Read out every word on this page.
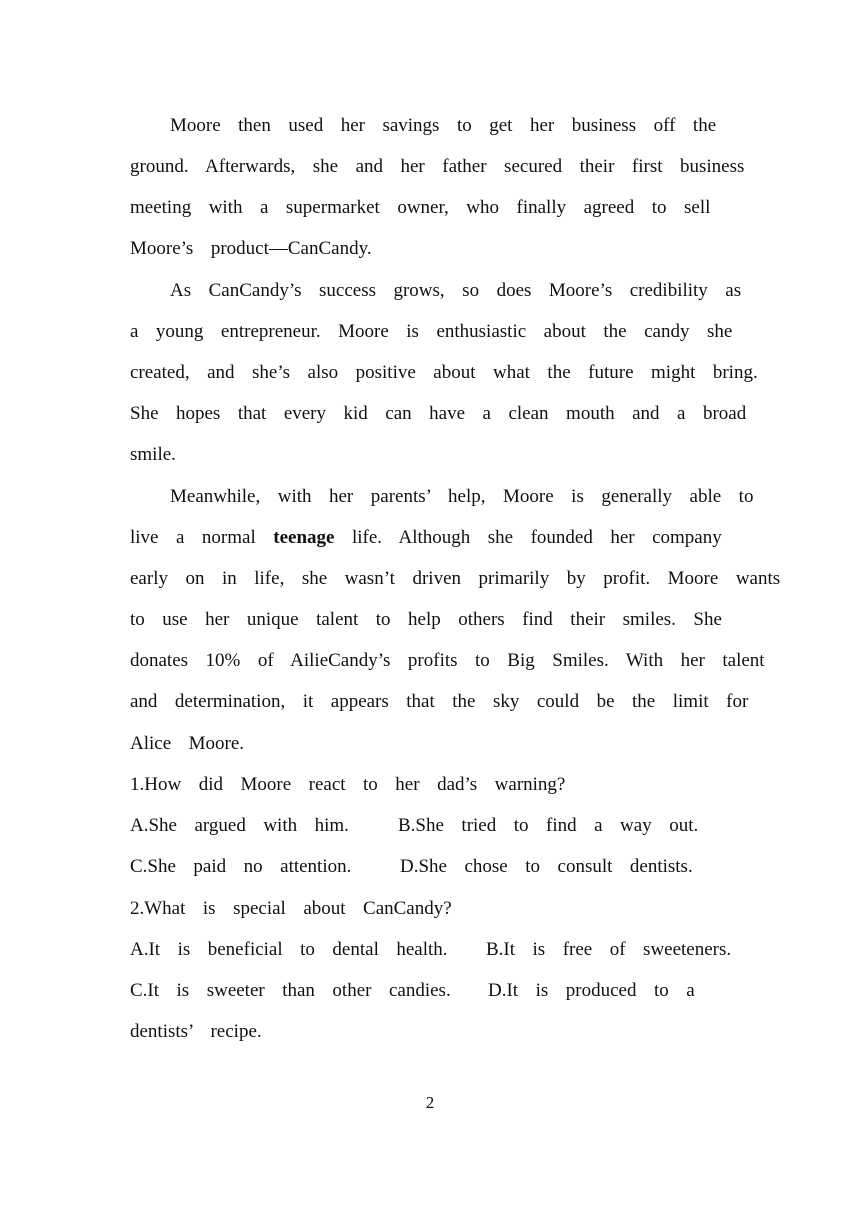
Moore  then  used  her  savings  to  get  her  business  off  the
ground.  Afterwards,  she  and  her  father  secured  their  first  business
meeting  with  a  supermarket  owner,  who  finally  agreed  to  sell
Moore’s  product—CanCandy.
As  CanCandy’s  success  grows,  so  does  Moore’s  credibility  as
a  young  entrepreneur.  Moore  is  enthusiastic  about  the  candy  she
created,  and  she’s  also  positive  about  what  the  future  might  bring.
She  hopes  that  every  kid  can  have  a  clean  mouth  and  a  broad
smile.
Meanwhile,  with  her  parents’  help,  Moore  is  generally  able  to
live  a  normal  teenage  life.  Although  she  founded  her  company
early  on  in  life,  she  wasn’t  driven  primarily  by  profit.  Moore  wants
to  use  her  unique  talent  to  help  others  find  their  smiles.  She
donates  10%  of  AilieCandy’s  profits  to  Big  Smiles.  With  her  talent
and  determination,  it  appears  that  the  sky  could  be  the  limit  for
Alice  Moore.
1.How  did  Moore  react  to  her  dad’s  warning?
A.She  argued  with  him.	B.She  tried  to  find  a  way  out.
C.She  paid  no  attention.	D.She  chose  to  consult  dentists.
2.What  is  special  about  CanCandy?
A.It  is  beneficial  to  dental  health. B.It  is  free  of  sweeteners.
C.It  is  sweeter  than  other  candies. D.It  is  produced  to  a
dentists’  recipe.
2
